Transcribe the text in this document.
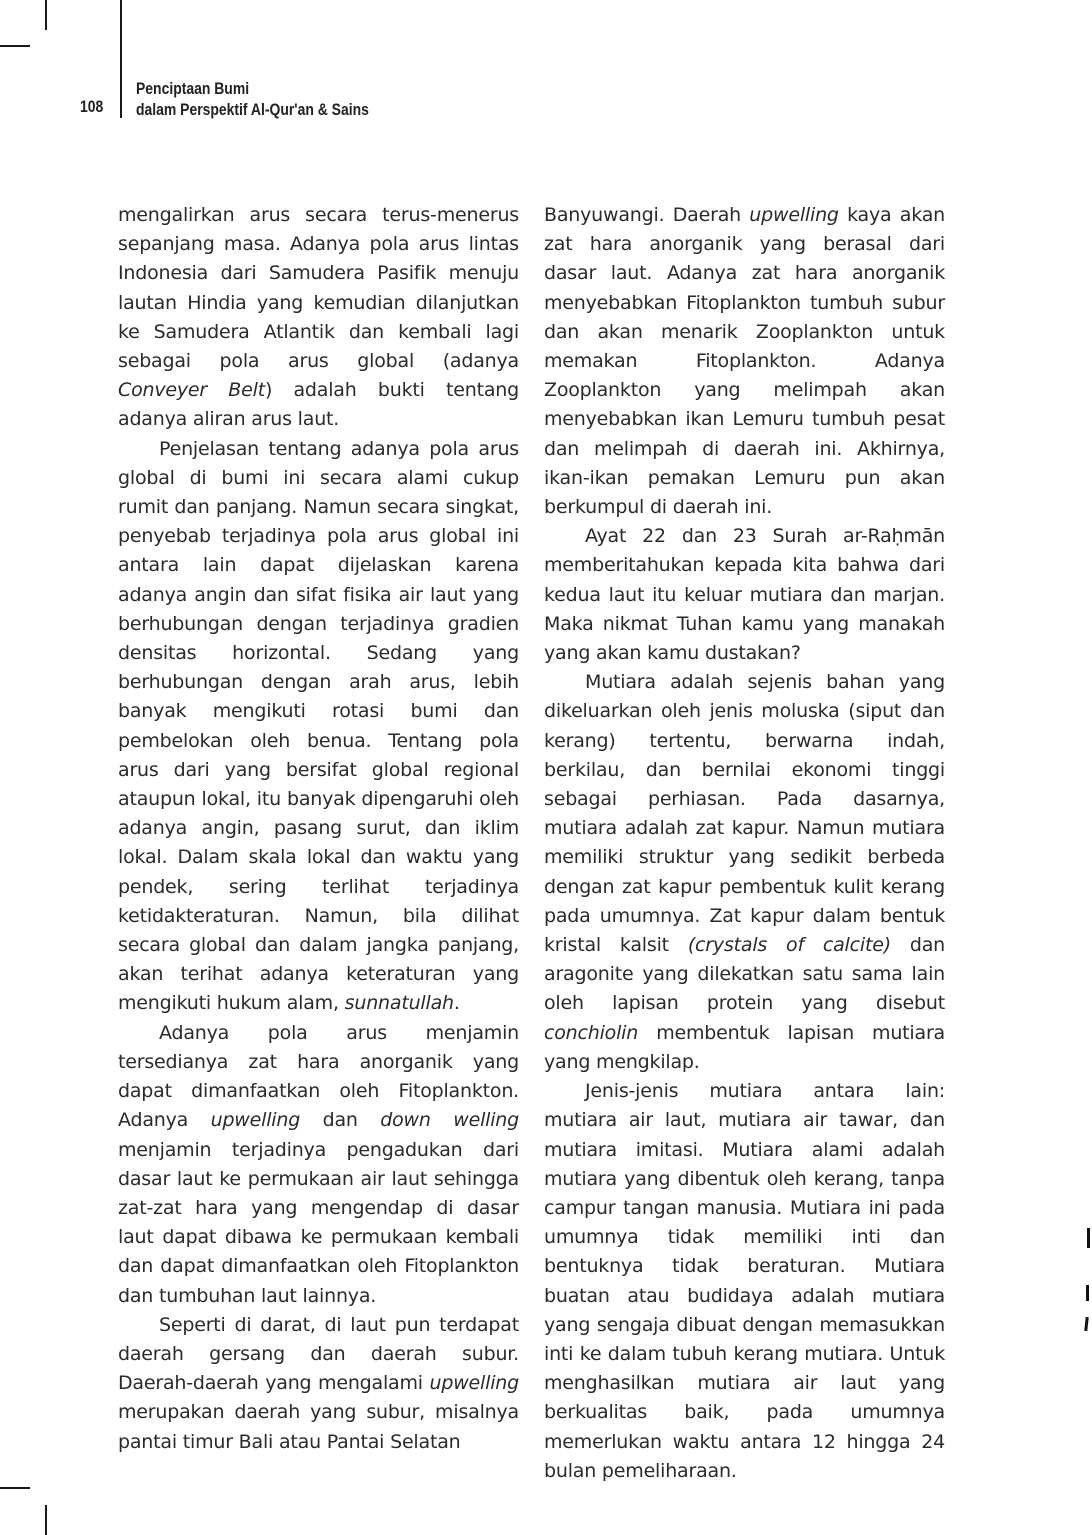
108
Penciptaan Bumi
dalam Perspektif Al-Qur'an & Sains

mengalirkan arus secara terus-menerus sepanjang masa. Adanya pola arus lintas Indonesia dari Samudera Pasifik menuju lautan Hindia yang kemudian dilanjutkan ke Samudera Atlantik dan kembali lagi sebagai pola arus global (adanya Conveyer Belt) adalah bukti tentang adanya aliran arus laut.

Penjelasan tentang adanya pola arus global di bumi ini secara alami cukup rumit dan panjang. Namun secara singkat, penyebab terjadinya pola arus global ini antara lain dapat dijelaskan karena adanya angin dan sifat fisika air laut yang berhubungan dengan terjadinya gradien densitas horizontal. Sedang yang berhubungan dengan arah arus, lebih banyak mengikuti rotasi bumi dan pembelokan oleh benua. Tentang pola arus dari yang bersifat global regional ataupun lokal, itu banyak dipengaruhi oleh adanya angin, pasang surut, dan iklim lokal. Dalam skala lokal dan waktu yang pendek, sering terlihat terjadinya ketidakteraturan. Namun, bila dilihat secara global dan dalam jangka panjang, akan terihat adanya keteraturan yang mengikuti hukum alam, sunnatullah.

Adanya pola arus menjamin tersedianya zat hara anorganik yang dapat dimanfaatkan oleh Fitoplankton. Adanya upwelling dan down welling menjamin terjadinya pengadukan dari dasar laut ke permukaan air laut sehingga zat-zat hara yang mengendap di dasar laut dapat dibawa ke permukaan kembali dan dapat dimanfaatkan oleh Fitoplankton dan tumbuhan laut lainnya.

Seperti di darat, di laut pun terdapat daerah gersang dan daerah subur. Daerah-daerah yang mengalami upwelling merupakan daerah yang subur, misalnya pantai timur Bali atau Pantai Selatan

Banyuwangi. Daerah upwelling kaya akan zat hara anorganik yang berasal dari dasar laut. Adanya zat hara anorganik menyebabkan Fitoplankton tumbuh subur dan akan menarik Zooplankton untuk memakan Fitoplankton. Adanya Zooplankton yang melimpah akan menyebabkan ikan Lemuru tumbuh pesat dan melimpah di daerah ini. Akhirnya, ikan-ikan pemakan Lemuru pun akan berkumpul di daerah ini.

Ayat 22 dan 23 Surah ar-Raḥmān memberitahukan kepada kita bahwa dari kedua laut itu keluar mutiara dan marjan. Maka nikmat Tuhan kamu yang manakah yang akan kamu dustakan?

Mutiara adalah sejenis bahan yang dikeluarkan oleh jenis moluska (siput dan kerang) tertentu, berwarna indah, berkilau, dan bernilai ekonomi tinggi sebagai perhiasan. Pada dasarnya, mutiara adalah zat kapur. Namun mutiara memiliki struktur yang sedikit berbeda dengan zat kapur pembentuk kulit kerang pada umumnya. Zat kapur dalam bentuk kristal kalsit (crystals of calcite) dan aragonite yang dilekatkan satu sama lain oleh lapisan protein yang disebut conchiolin membentuk lapisan mutiara yang mengkilap.

Jenis-jenis mutiara antara lain: mutiara air laut, mutiara air tawar, dan mutiara imitasi. Mutiara alami adalah mutiara yang dibentuk oleh kerang, tanpa campur tangan manusia. Mutiara ini pada umumnya tidak memiliki inti dan bentuknya tidak beraturan. Mutiara buatan atau budidaya adalah mutiara yang sengaja dibuat dengan memasukkan inti ke dalam tubuh kerang mutiara. Untuk menghasilkan mutiara air laut yang berkualitas baik, pada umumnya memerlukan waktu antara 12 hingga 24 bulan pemeliharaan.
